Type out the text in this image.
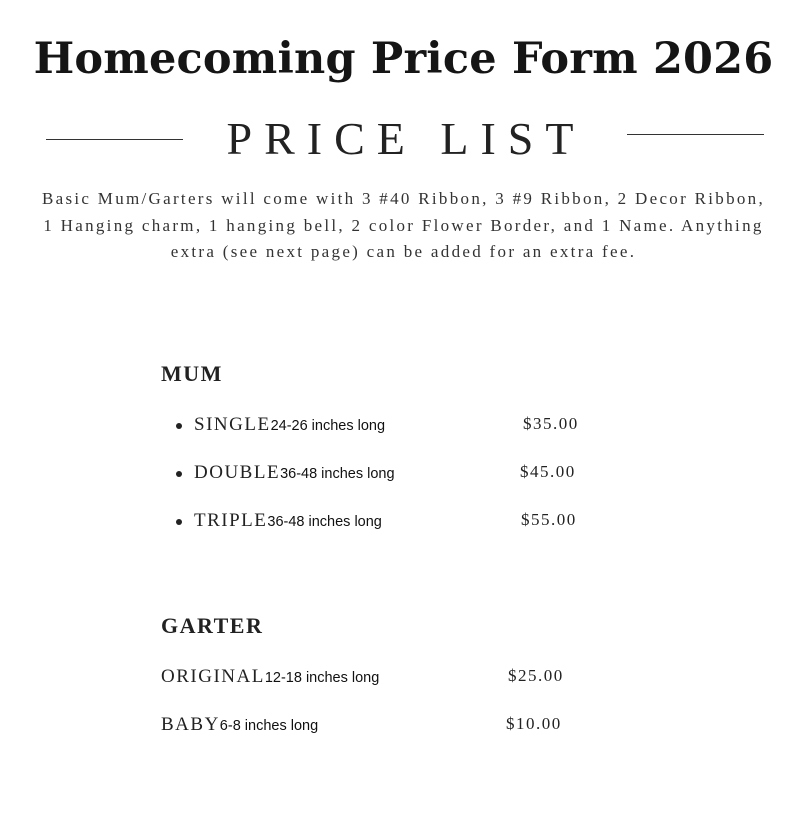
Homecoming Price Form 2026
PRICE LIST
Basic Mum/Garters will come with 3 #40 Ribbon, 3 #9 Ribbon, 2 Decor Ribbon, 1 Hanging charm, 1 hanging bell, 2 color Flower Border, and 1 Name. Anything extra (see next page) can be added for an extra fee.
MUM
SINGLE24-26 inches long	$35.00
DOUBLE36-48 inches long	$45.00
TRIPLE36-48 inches long	$55.00
GARTER
ORIGINAL12-18 inches long	$25.00
BABY6-8 inches long	$10.00
